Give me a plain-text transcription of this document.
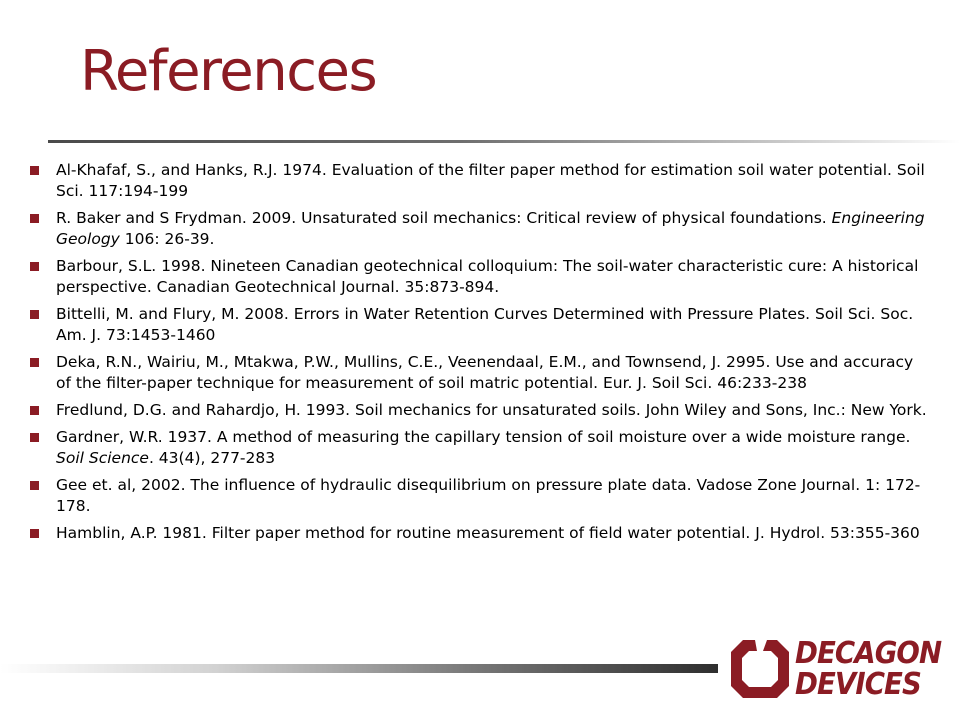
References
Al-Khafaf, S., and Hanks, R.J. 1974. Evaluation of the filter paper method for estimation soil water potential. Soil Sci. 117:194-199
R. Baker and S Frydman. 2009. Unsaturated soil mechanics: Critical review of physical foundations. Engineering Geology 106: 26-39.
Barbour, S.L. 1998. Nineteen Canadian geotechnical colloquium: The soil-water characteristic cure: A historical perspective. Canadian Geotechnical Journal. 35:873-894.
Bittelli, M. and Flury, M. 2008. Errors in Water Retention Curves Determined with Pressure Plates. Soil Sci. Soc. Am. J. 73:1453-1460
Deka, R.N., Wairiu, M., Mtakwa, P.W., Mullins, C.E., Veenendaal, E.M., and Townsend, J. 2995. Use and accuracy of the filter-paper technique for measurement of soil matric potential. Eur. J. Soil Sci. 46:233-238
Fredlund, D.G. and Rahardjo, H. 1993. Soil mechanics for unsaturated soils. John Wiley and Sons, Inc.: New York.
Gardner, W.R. 1937. A method of measuring the capillary tension of soil moisture over a wide moisture range. Soil Science. 43(4), 277-283
Gee et. al, 2002. The influence of hydraulic disequilibrium on pressure plate data. Vadose Zone Journal. 1: 172-178.
Hamblin, A.P. 1981. Filter paper method for routine measurement of field water potential. J. Hydrol. 53:355-360
DECAGON
DEVICES
